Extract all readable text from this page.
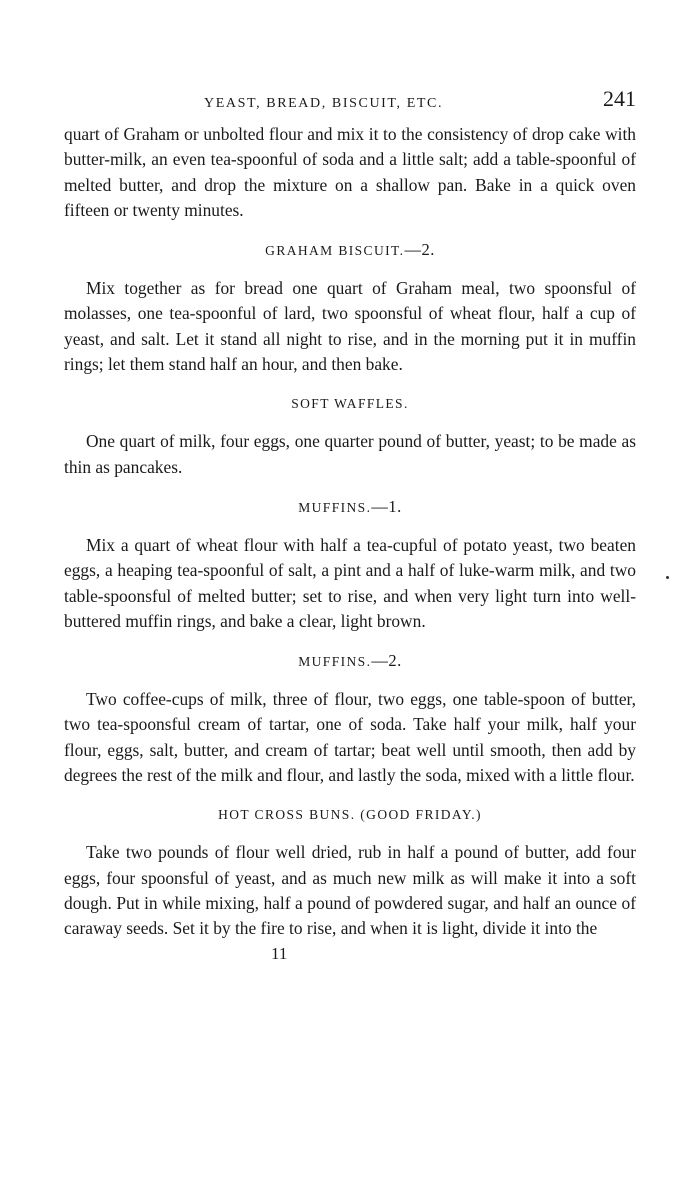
YEAST, BREAD, BISCUIT, ETC.	241

quart of Graham or unbolted flour and mix it to the consistency of drop cake with butter-milk, an even tea-spoonful of soda and a little salt; add a table-spoonful of melted butter, and drop the mixture on a shallow pan. Bake in a quick oven fifteen or twenty minutes.

GRAHAM BISCUIT.—2.

Mix together as for bread one quart of Graham meal, two spoonsful of molasses, one tea-spoonful of lard, two spoonsful of wheat flour, half a cup of yeast, and salt. Let it stand all night to rise, and in the morning put it in muffin rings; let them stand half an hour, and then bake.

SOFT WAFFLES.

One quart of milk, four eggs, one quarter pound of butter, yeast; to be made as thin as pancakes.

MUFFINS.—1.

Mix a quart of wheat flour with half a tea-cupful of potato yeast, two beaten eggs, a heaping tea-spoonful of salt, a pint and a half of luke-warm milk, and two table-spoonsful of melted butter; set to rise, and when very light turn into well-buttered muffin rings, and bake a clear, light brown.

MUFFINS.—2.

Two coffee-cups of milk, three of flour, two eggs, one table-spoon of butter, two tea-spoonsful cream of tartar, one of soda. Take half your milk, half your flour, eggs, salt, butter, and cream of tartar; beat well until smooth, then add by degrees the rest of the milk and flour, and lastly the soda, mixed with a little flour.

HOT CROSS BUNS. (GOOD FRIDAY.)

Take two pounds of flour well dried, rub in half a pound of butter, add four eggs, four spoonsful of yeast, and as much new milk as will make it into a soft dough. Put in while mixing, half a pound of powdered sugar, and half an ounce of caraway seeds. Set it by the fire to rise, and when it is light, divide it into the

11
